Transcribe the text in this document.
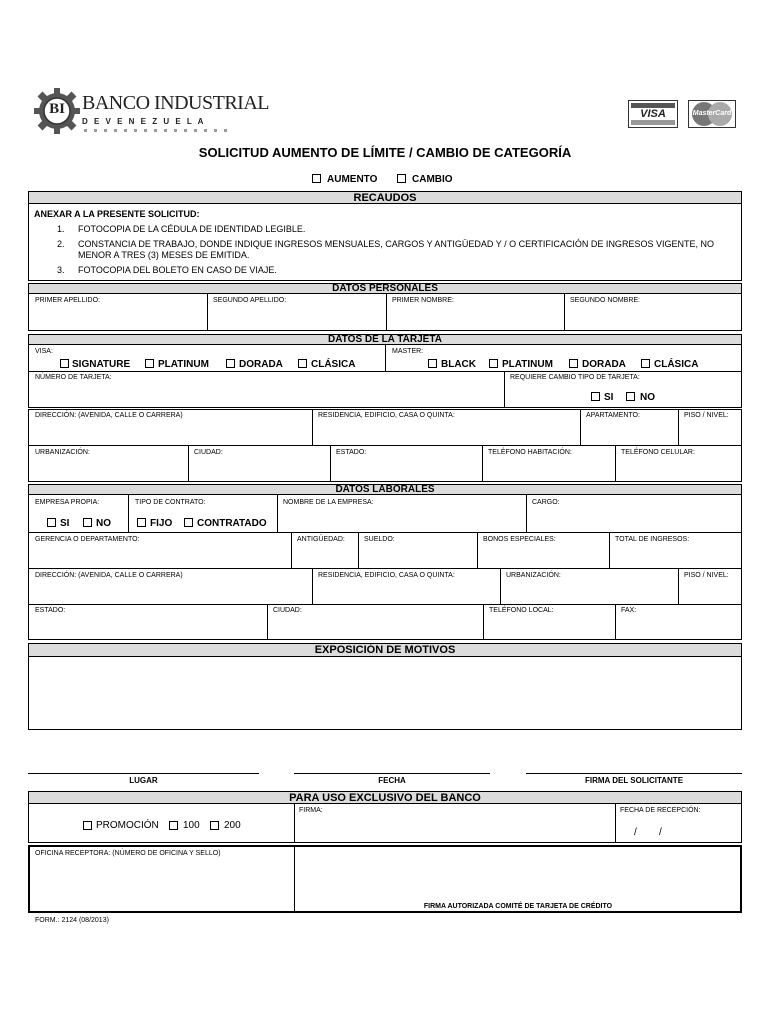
BI BANCO INDUSTRIAL
D E V E N E Z U E L A
VISA	MasterCard
SOLICITUD AUMENTO DE LÍMITE / CAMBIO DE CATEGORÍA
AUMENTO	CAMBIO
RECAUDOS
ANEXAR A LA PRESENTE SOLICITUD:
1. FOTOCOPIA DE LA CÉDULA DE IDENTIDAD LEGIBLE.
2. CONSTANCIA DE TRABAJO, DONDE INDIQUE INGRESOS MENSUALES, CARGOS Y ANTIGÜEDAD Y / O CERTIFICACIÓN DE INGRESOS VIGENTE, NO MENOR A TRES (3) MESES DE EMITIDA.
3. FOTOCOPIA DEL BOLETO EN CASO DE VIAJE.
DATOS PERSONALES
PRIMER APELLIDO:	SEGUNDO APELLIDO:	PRIMER NOMBRE:	SEGUNDO NOMBRE:
DATOS DE LA TARJETA
VISA:	MASTER:
SIGNATURE	PLATINUM	DORADA	CLÁSICA	BLACK	PLATINUM	DORADA	CLÁSICA
NÚMERO DE TARJETA:	REQUIERE CAMBIO TIPO DE TARJETA:
SI	NO
DIRECCIÓN: (AVENIDA, CALLE O CARRERA)	RESIDENCIA, EDIFICIO, CASA O QUINTA:	APARTAMENTO:	PISO / NIVEL:
URBANIZACIÓN:	CIUDAD:	ESTADO:	TELÉFONO HABITACIÓN:	TELÉFONO CELULAR:
DATOS LABORALES
EMPRESA PROPIA:	TIPO DE CONTRATO:	NOMBRE DE LA EMPRESA:	CARGO:
SI	NO	FIJO CONTRATADO
GERENCIA O DEPARTAMENTO:	ANTIGÜEDAD:	SUELDO:	BONOS ESPECIALES:	TOTAL DE INGRESOS:
DIRECCIÓN: (AVENIDA, CALLE O CARRERA)	RESIDENCIA, EDIFICIO, CASA O QUINTA:	URBANIZACIÓN:	PISO / NIVEL:
ESTADO:	CIUDAD:	TELÉFONO LOCAL:	FAX:
EXPOSICIÓN DE MOTIVOS
LUGAR	FECHA	FIRMA DEL SOLICITANTE
PARA USO EXCLUSIVO DEL BANCO
FIRMA:	FECHA DE RECEPCIÓN:
/        /
PROMOCIÓN 100 200
OFICINA RECEPTORA: (NÚMERO DE OFICINA Y SELLO)
FIRMA AUTORIZADA COMITÉ DE TARJETA DE CRÉDITO
FORM.: 2124 (08/2013)
